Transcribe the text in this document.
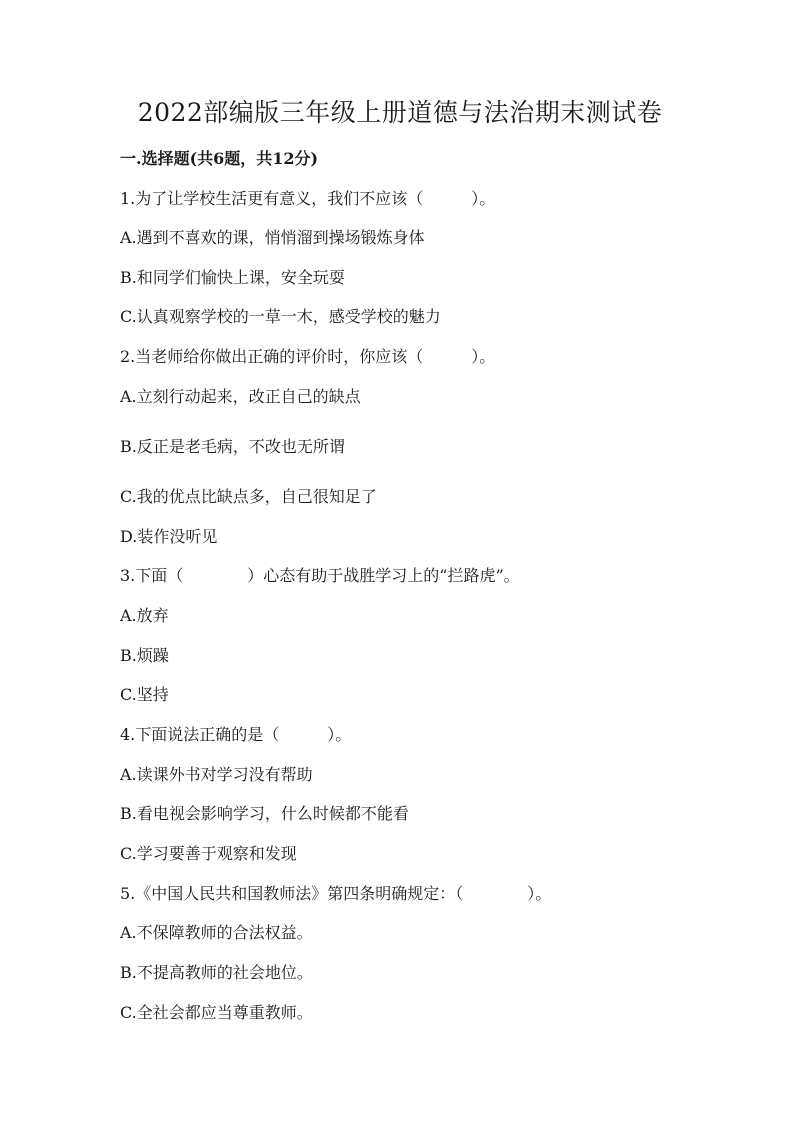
2022部编版三年级上册道德与法治期末测试卷
一.选择题(共6题，共12分)
1.为了让学校生活更有意义，我们不应该（　　　）。
A.遇到不喜欢的课，悄悄溜到操场锻炼身体
B.和同学们愉快上课，安全玩耍
C.认真观察学校的一草一木，感受学校的魅力
2.当老师给你做出正确的评价时，你应该（　　　）。
A.立刻行动起来，改正自己的缺点
B.反正是老毛病，不改也无所谓
C.我的优点比缺点多，自己很知足了
D.装作没听见
3.下面（　　　　）心态有助于战胜学习上的“拦路虎”。
A.放弃
B.烦躁
C.坚持
4.下面说法正确的是（　　　）。
A.读课外书对学习没有帮助
B.看电视会影响学习，什么时候都不能看
C.学习要善于观察和发现
5.《中国人民共和国教师法》第四条明确规定：（　　　　）。
A.不保障教师的合法权益。
B.不提高教师的社会地位。
C.全社会都应当尊重教师。
